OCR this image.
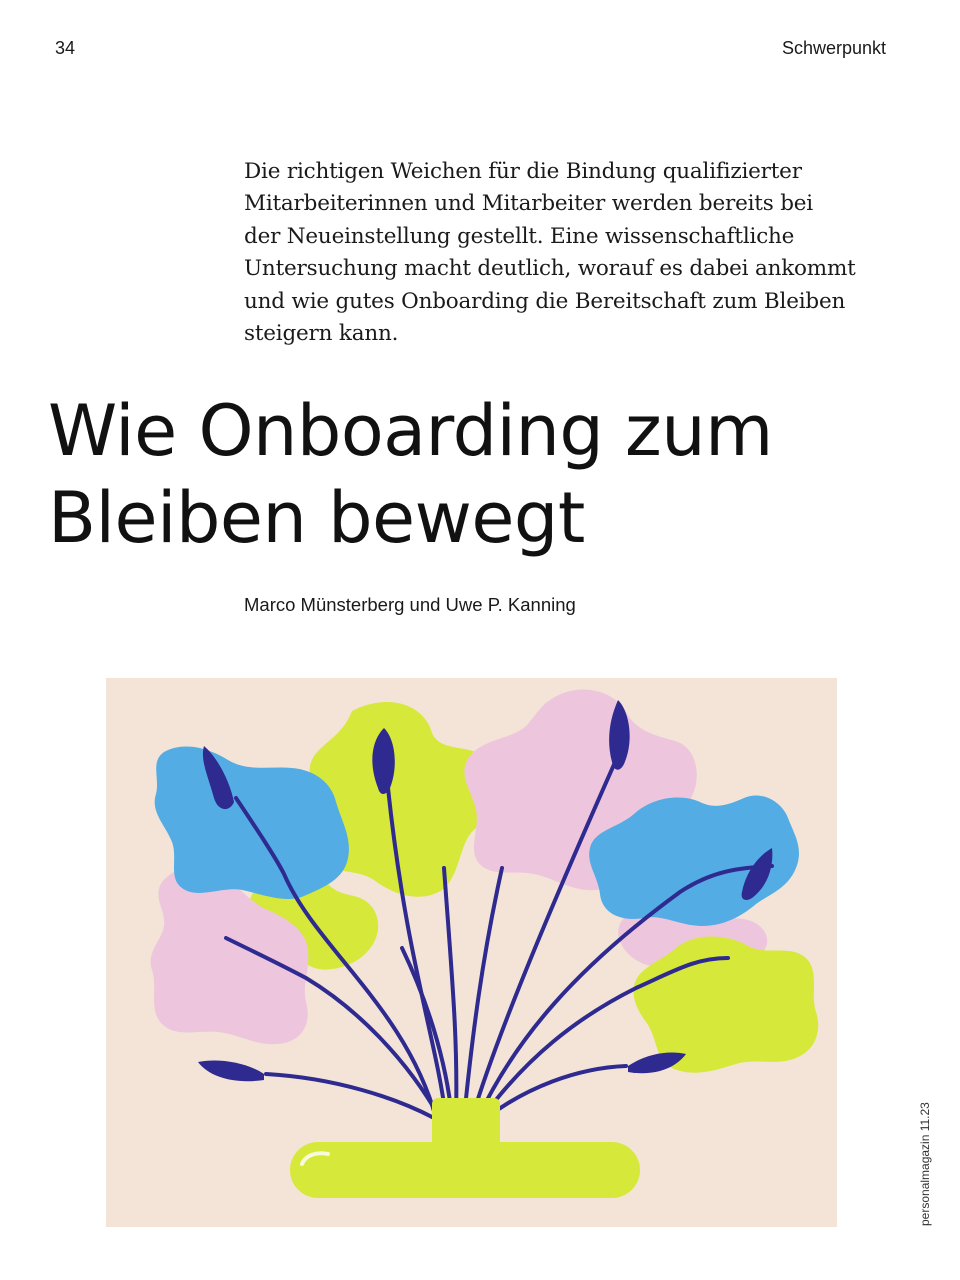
34	Schwerpunkt
Die richtigen Weichen für die Bindung qualifizierter
Mitarbeiterinnen und Mitarbeiter werden bereits bei
der Neueinstellung gestellt. Eine wissenschaftliche
Untersuchung macht deutlich, worauf es dabei ankommt
und wie gutes Onboarding die Bereitschaft zum Bleiben
steigern kann.
Wie Onboarding zum
Bleiben bewegt
Marco Münsterberg und Uwe P. Kanning
personalmagazin 11.23
